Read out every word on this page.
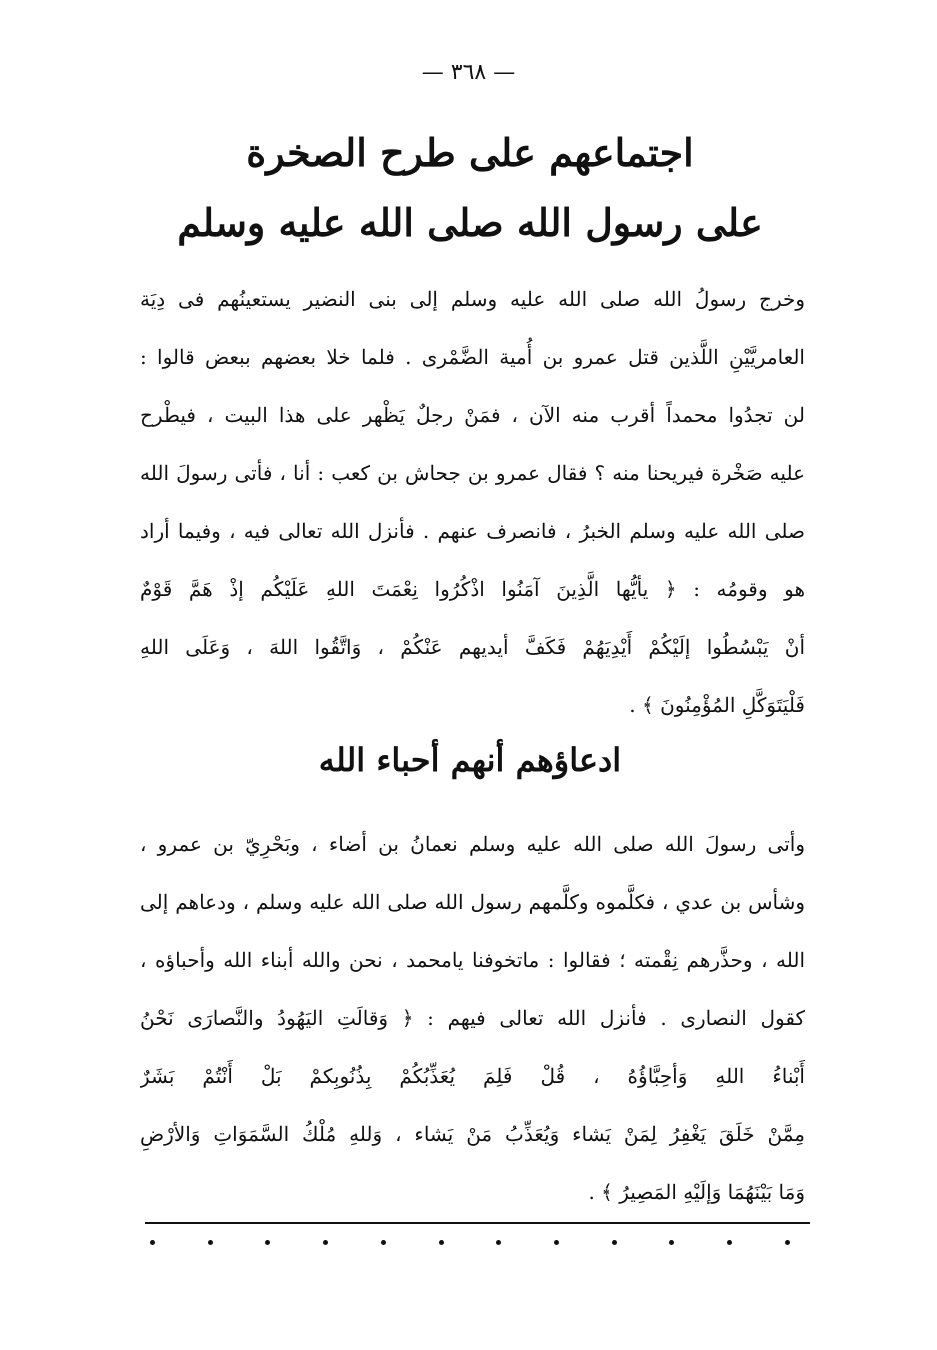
— ٣٦٨ —
اجتماعهم على طرح الصخرة
على رسول الله صلى الله عليه وسلم
وخرج رسولُ الله صلى الله عليه وسلم إلى بنى النضير يستعينُهم فى دِيَة
العامريَّيْنِ اللَّذين قتل عمرو بن أُمية الضَّمْرى . فلما خلا بعضهم ببعض قالوا :
لن تجدُوا محمداً أقرب منه الآن ، فمَنْ رجلٌ يَظْهر على هذا البيت ، فيطْرح
عليه صَخْرة فيريحنا منه ؟ فقال عمرو بن جحاش بن كعب : أنا ، فأتى رسولَ الله
صلى الله عليه وسلم الخبرُ ، فانصرف عنهم . فأنزل الله تعالى فيه ، وفيما أراد
هو وقومُه : ﴿ يأيُّها الَّذِينَ آمَنُوا اذْكُرُوا نِعْمَتَ اللهِ عَلَيْكُم إذْ هَمَّ قَوْمٌ
أنْ يَبْسُطُوا إلَيْكُمْ أَيْدِيَهُمْ فَكَفَّ أيديهم عَنْكُمْ ، وَاتَّقُوا اللهَ ، وَعَلَى اللهِ
فَلْيَتَوَكَّلِ المُؤْمِنُونَ ﴾ .
ادعاؤهم أنهم أحباء الله
وأتى رسولَ الله صلى الله عليه وسلم نعمانُ بن أضاء ، وبَحْرِيّ بن عمرو ،
وشأس بن عدي ، فكلَّموه وكلَّمهم رسول الله صلى الله عليه وسلم ، ودعاهم إلى
الله ، وحذَّرهم نِقْمته ؛ فقالوا : ماتخوفنا يامحمد ، نحن والله أبناء الله وأحباؤه ،
كقول النصارى . فأنزل الله تعالى فيهم : ﴿ وَقالَتِ اليَهُودُ والنَّصارَى نَحْنُ
أَبْناءُ اللهِ وَأحِبَّاؤُهُ ، قُلْ فَلِمَ يُعَذِّبُكُمْ بِذُنُوبِكمْ بَلْ أَنْتُمْ بَشَرٌ
مِمَّنْ خَلَقَ يَغْفِرُ لِمَنْ يَشاء وَيُعَذِّبُ مَنْ يَشاء ، وَللهِ مُلْكُ السَّمَوَاتِ وَالأرْضِ
وَمَا بَيْنَهُمَا وَإلَيْهِ المَصِيرُ ﴾ .
